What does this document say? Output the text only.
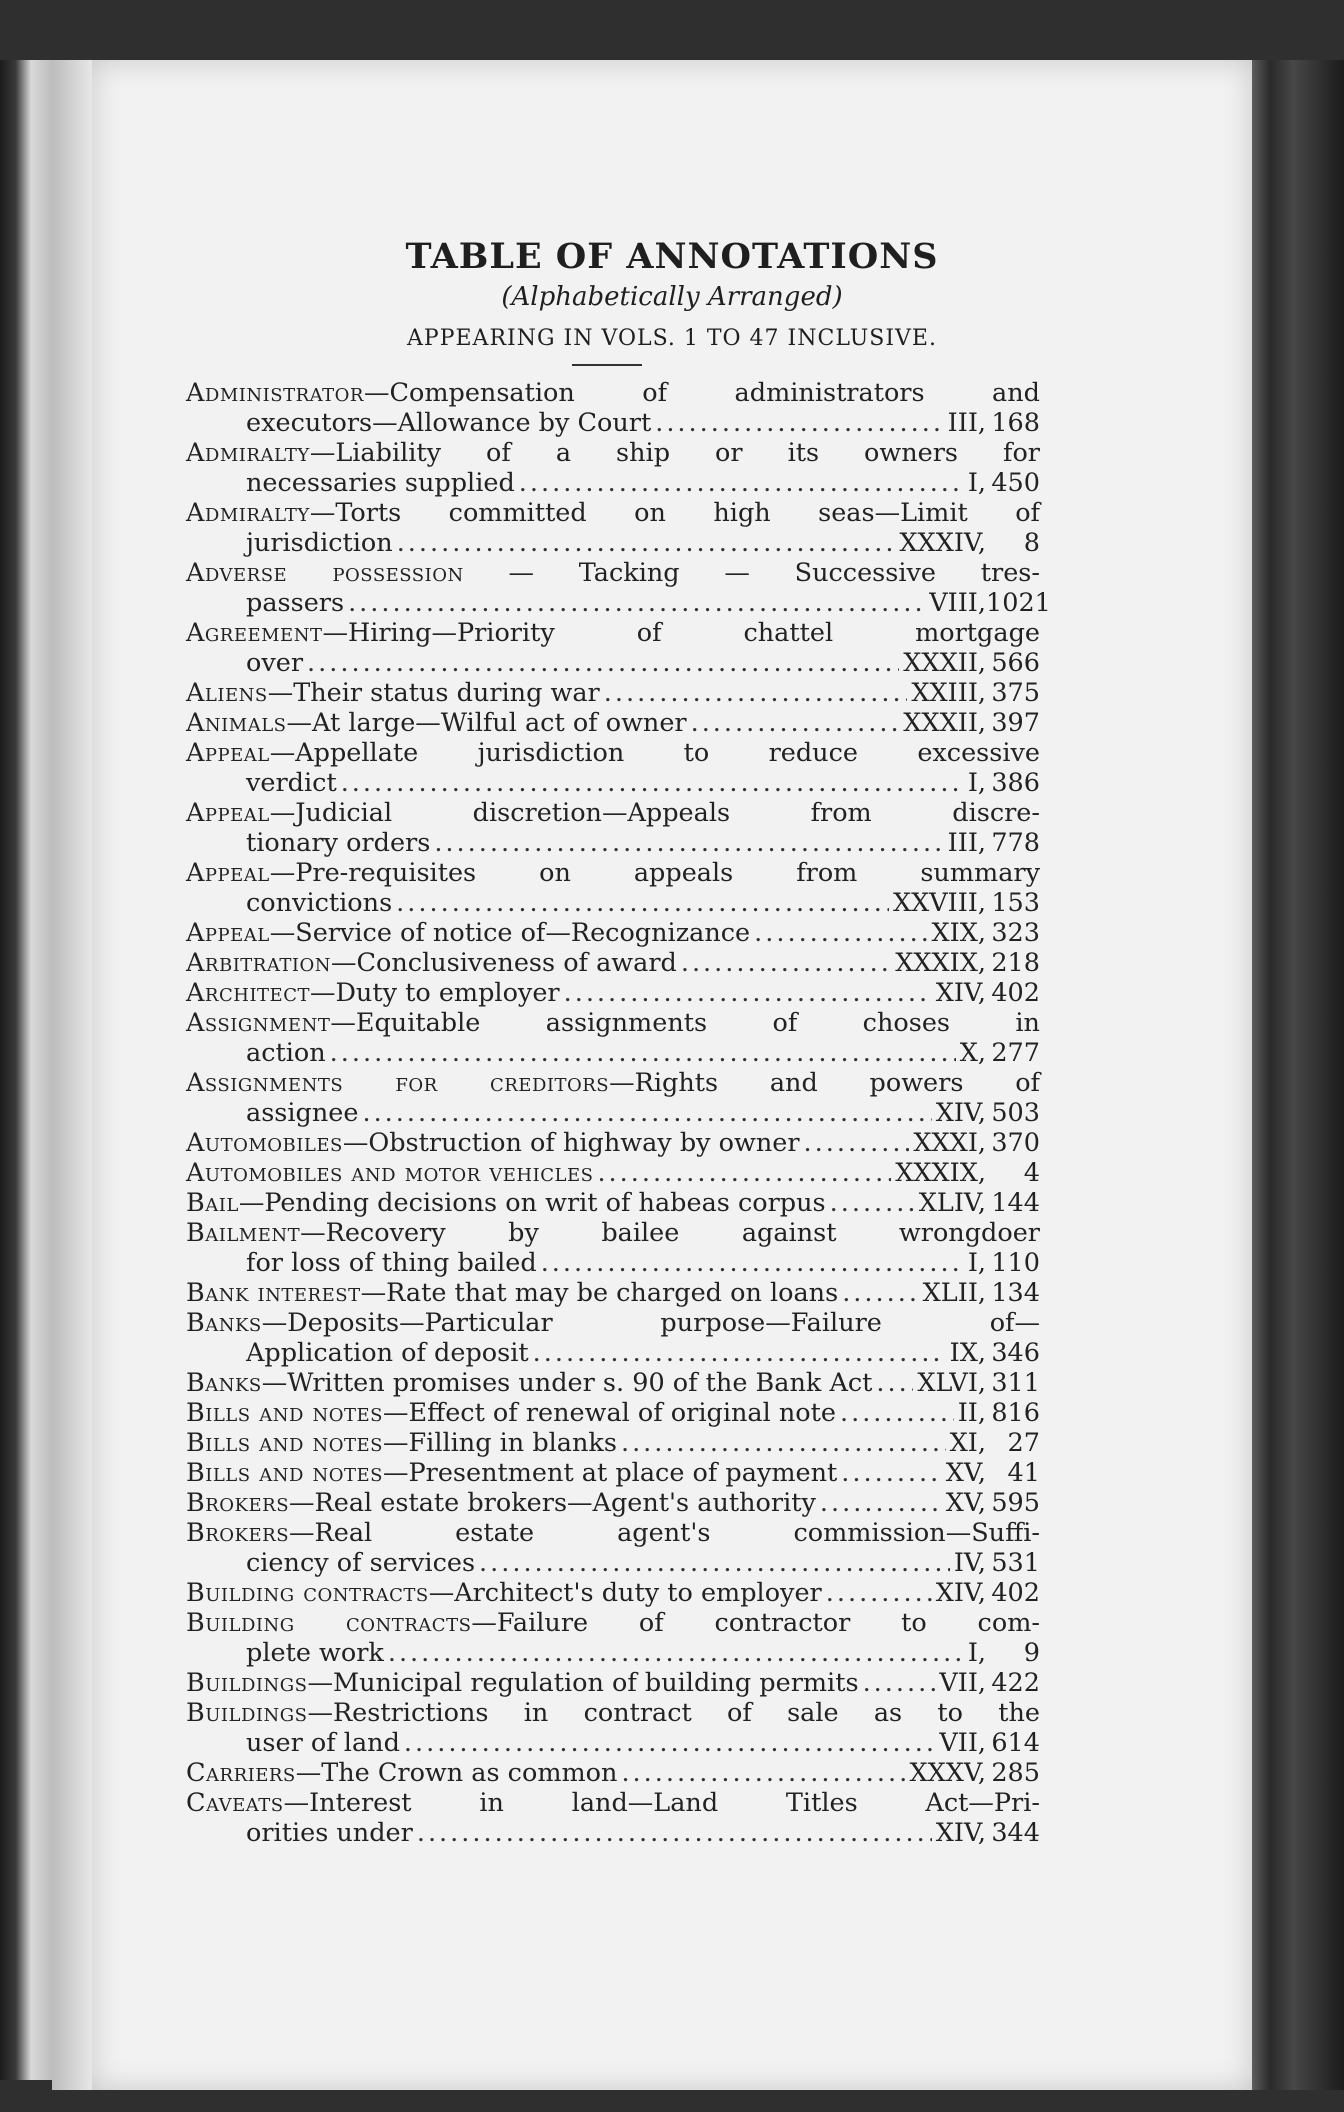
TABLE OF ANNOTATIONS
(Alphabetically Arranged)
APPEARING IN VOLS. 1 TO 47 INCLUSIVE.
Administrator—Compensation of administrators and
executors—Allowance by Court .....	III, 168
Admiralty—Liability of a ship or its owners for
necessaries supplied .....	I, 450
Admiralty—Torts committed on high seas—Limit of
jurisdiction .....	XXXIV,	8
Adverse possession — Tacking — Successive tres-
passers .....	VIII, 1021
Agreement—Hiring—Priority of chattel mortgage
over .....	XXXII, 566
Aliens—Their status during war .....	XXIII, 375
Animals—At large—Wilful act of owner .....	XXXII, 397
Appeal—Appellate jurisdiction to reduce excessive
verdict .....	I, 386
Appeal—Judicial discretion—Appeals from discre-
tionary orders .....	III, 778
Appeal—Pre-requisites on appeals from summary
convictions .....	XXVIII, 153
Appeal—Service of notice of—Recognizance .....	XIX, 323
Arbitration—Conclusiveness of award .....	XXXIX, 218
Architect—Duty to employer .....	XIV, 402
Assignment—Equitable assignments of choses in
action .....	X, 277
Assignments for creditors—Rights and powers of
assignee .....	XIV, 503
Automobiles—Obstruction of highway by owner .....	XXXI, 370
Automobiles and motor vehicles .....	XXXIX,	4
Bail—Pending decisions on writ of habeas corpus .....	XLIV, 144
Bailment—Recovery by bailee against wrongdoer
for loss of thing bailed .....	I, 110
Bank interest—Rate that may be charged on loans .....	XLII, 134
Banks—Deposits—Particular purpose—Failure of—
Application of deposit .....	IX, 346
Banks—Written promises under s. 90 of the Bank Act ..... XLVI, 311
Bills and notes—Effect of renewal of original note .....	II, 816
Bills and notes—Filling in blanks .....	XI, 27
Bills and notes—Presentment at place of payment .....	XV, 41
Brokers—Real estate brokers—Agent's authority .....	XV, 595
Brokers—Real estate agent's commission—Suffi-
ciency of services .....	IV, 531
Building contracts—Architect's duty to employer .....	XIV, 402
Building contracts—Failure of contractor to com-
plete work .....	I,	9
Buildings—Municipal regulation of building permits .....	VII, 422
Buildings—Restrictions in contract of sale as to the
user of land .....	VII, 614
Carriers—The Crown as common .....	XXXV, 285
Caveats—Interest in land—Land Titles Act—Pri-
orities under .....	XIV, 344
